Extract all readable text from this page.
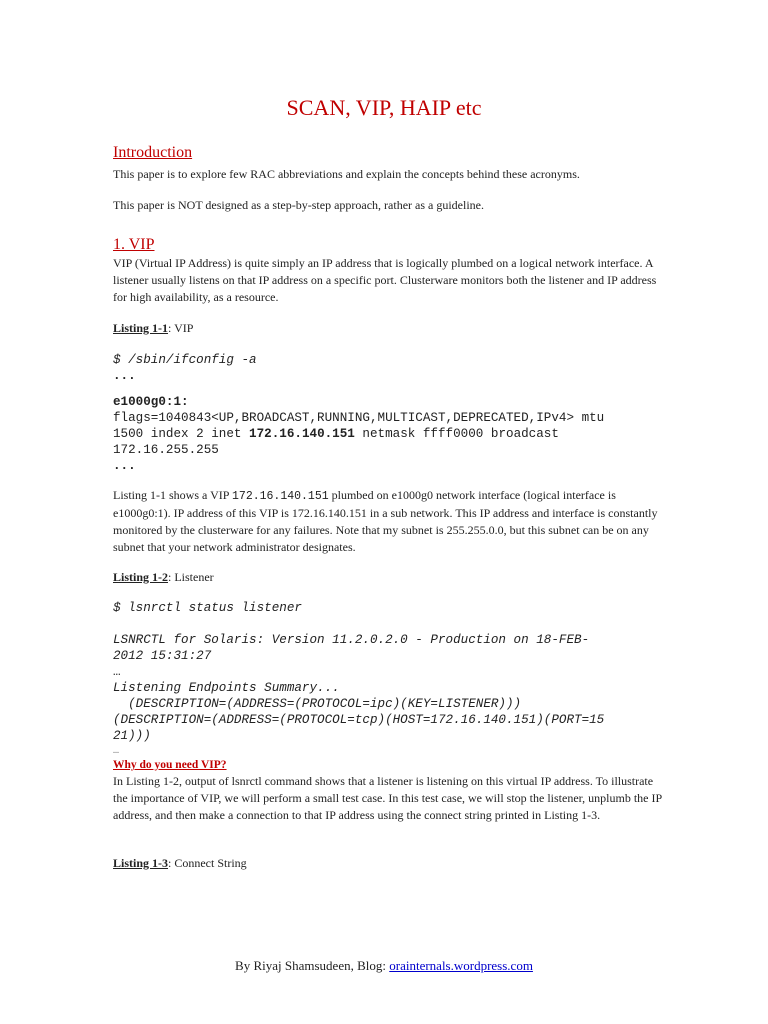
SCAN, VIP, HAIP etc
Introduction
This paper is to explore few RAC abbreviations and explain the concepts behind these acronyms.
This paper is NOT designed as a step-by-step approach, rather as a guideline.
1. VIP
VIP (Virtual IP Address) is quite simply an IP address that is logically plumbed on a logical network interface. A listener usually listens on that IP address on a specific port. Clusterware monitors both the listener and IP address for high availability, as a resource.
Listing 1-1: VIP
$ /sbin/ifconfig -a
...
e1000g0:1:
flags=1040843<UP,BROADCAST,RUNNING,MULTICAST,DEPRECATED,IPv4> mtu
1500 index 2 inet 172.16.140.151 netmask ffff0000 broadcast
172.16.255.255
...
Listing 1-1 shows a VIP 172.16.140.151 plumbed on e1000g0 network interface (logical interface is e1000g0:1). IP address of this VIP is 172.16.140.151 in a sub network. This IP address and interface is constantly monitored by the clusterware for any failures. Note that my subnet is 255.255.0.0, but this subnet can be on any subnet that your network administrator designates.
Listing 1-2: Listener
$ lsnrctl status listener
LSNRCTL for Solaris: Version 11.2.0.2.0 - Production on 18-FEB-
2012 15:31:27
…
Listening Endpoints Summary...
(DESCRIPTION=(ADDRESS=(PROTOCOL=ipc)(KEY=LISTENER)))
(DESCRIPTION=(ADDRESS=(PROTOCOL=tcp)(HOST=172.16.140.151)(PORT=15
21)))
…
Why do you need VIP?
In Listing 1-2, output of lsnrctl command shows that a listener is listening on this virtual IP address. To illustrate the importance of VIP, we will perform a small test case. In this test case, we will stop the listener, unplumb the IP address, and then make a connection to that IP address using the connect string printed in Listing 1-3.
Listing 1-3: Connect String
By Riyaj Shamsudeen, Blog: orainternals.wordpress.com
